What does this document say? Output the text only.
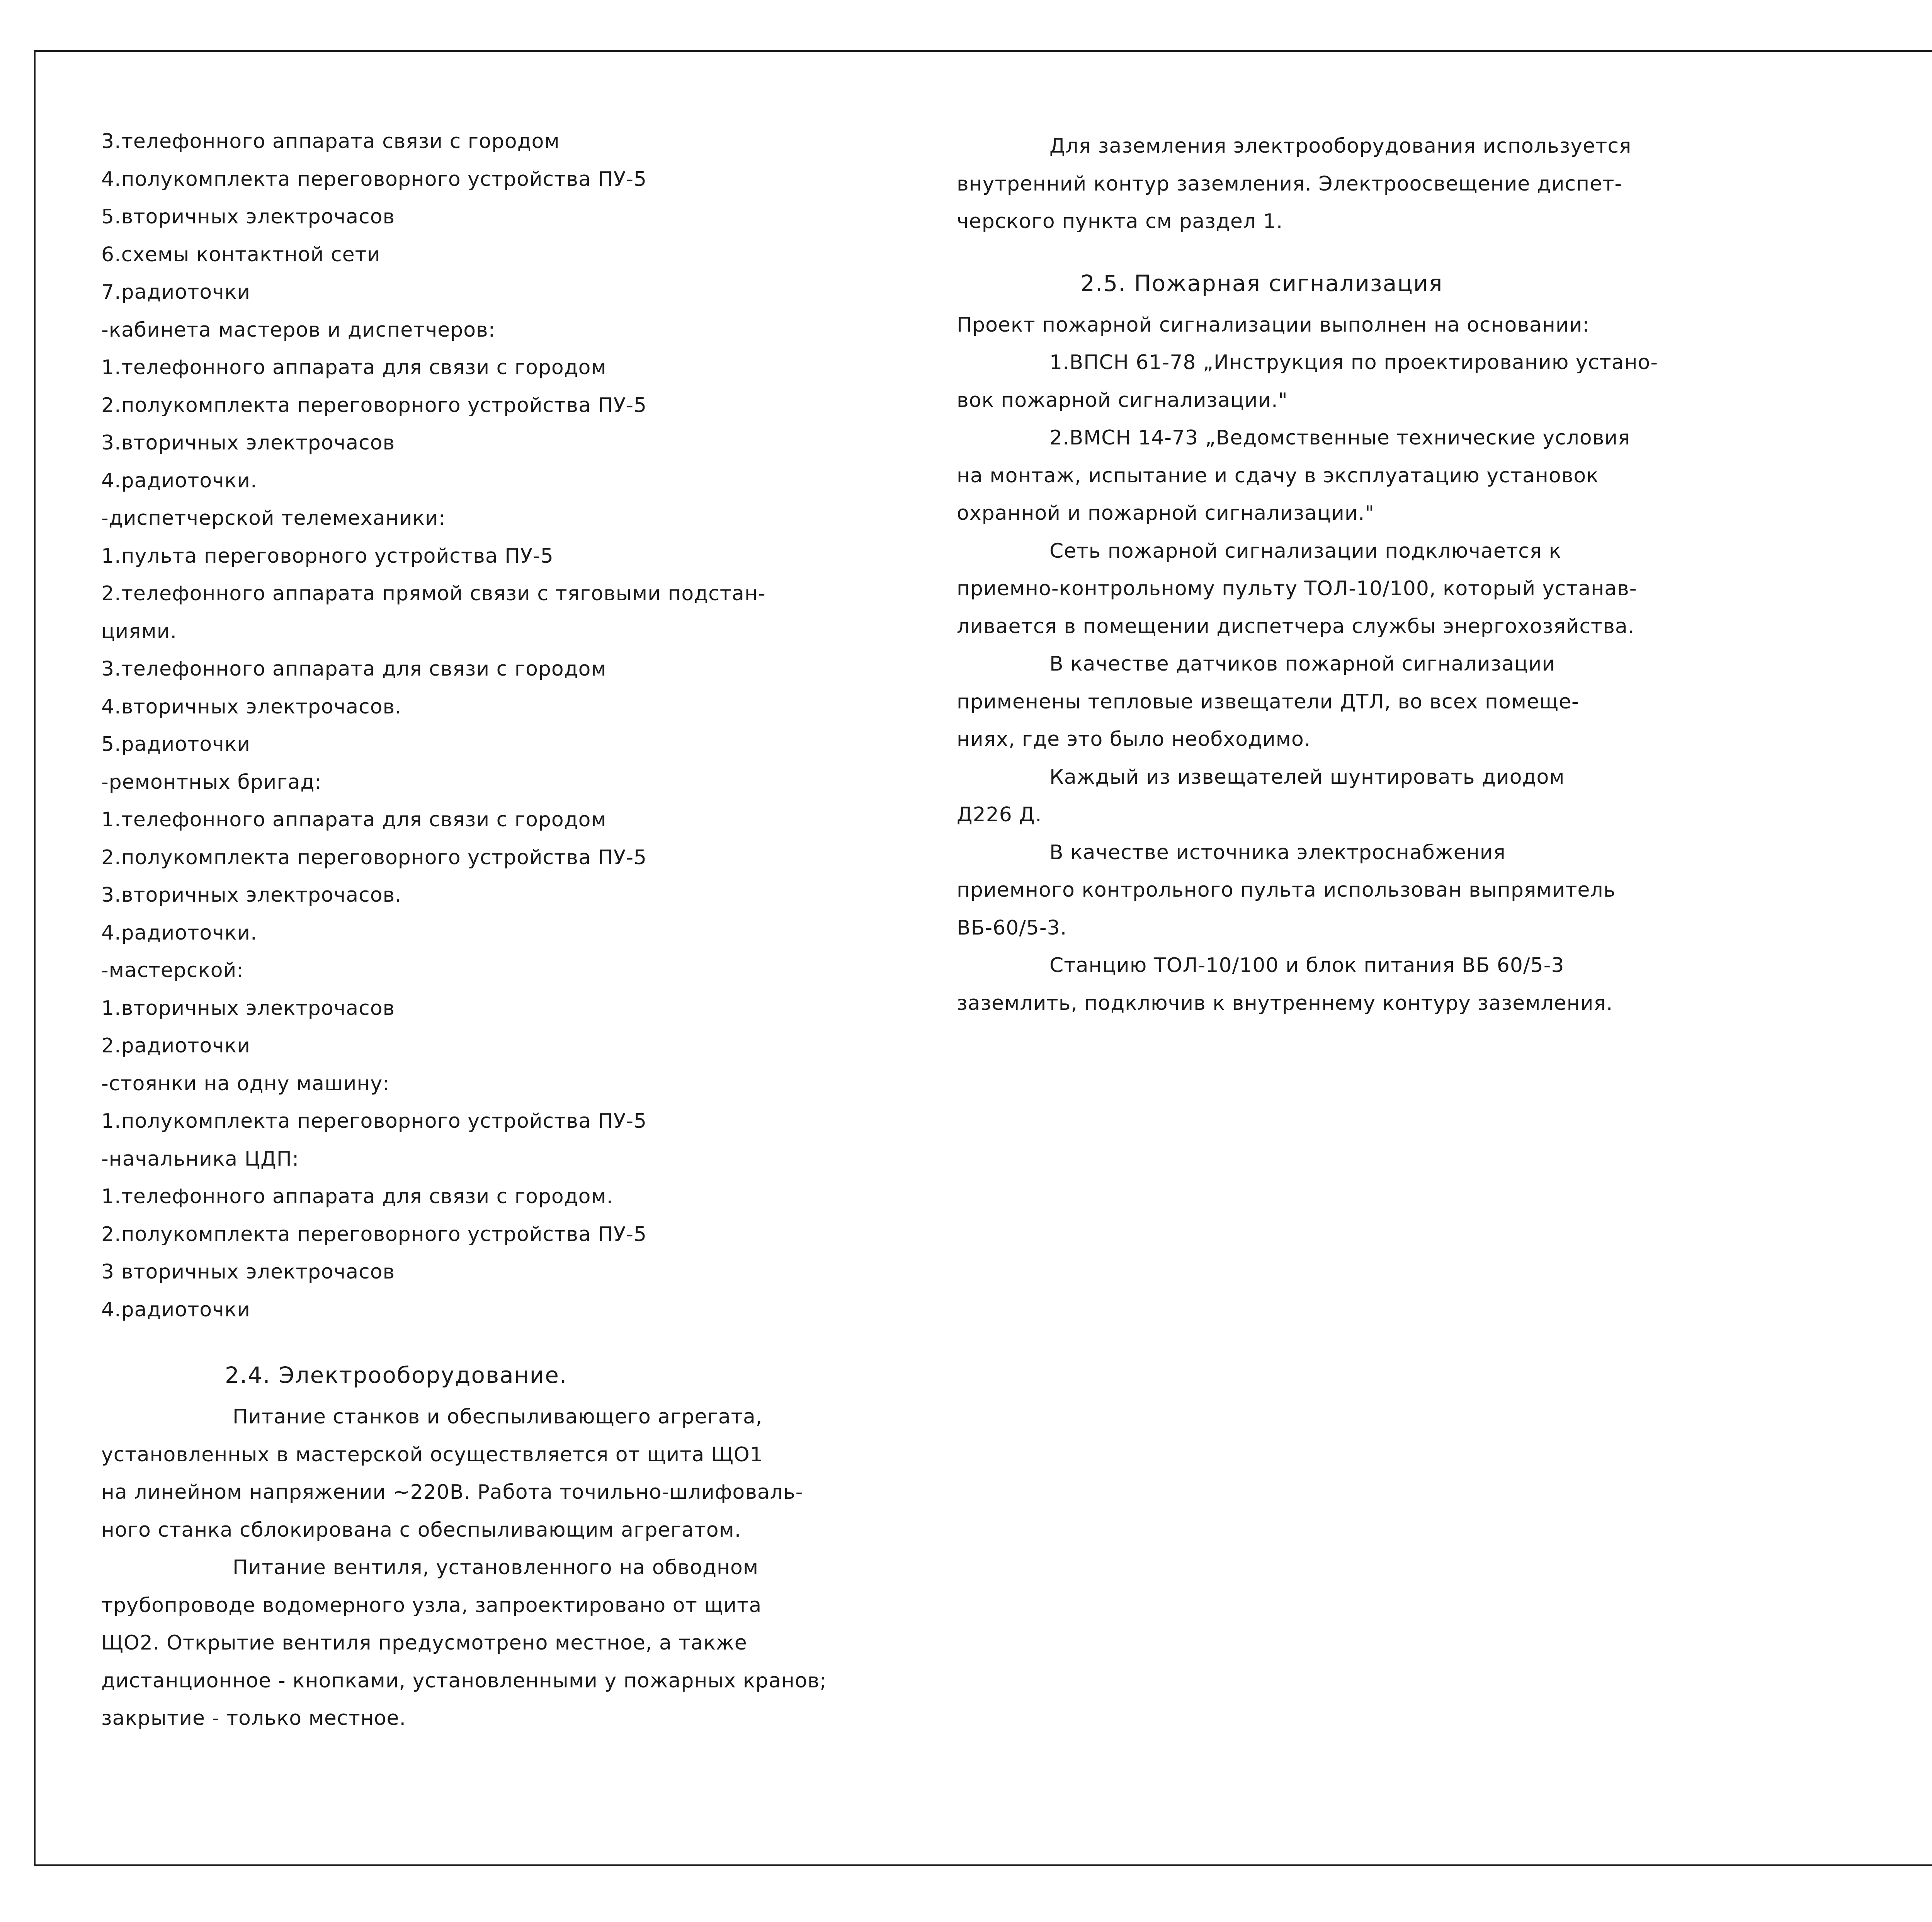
3.телефонного аппарата связи с городом
4.полукомплекта переговорного устройства ПУ-5
5.вторичных электрочасов
6.схемы контактной сети
7.радиоточки
-кабинета мастеров и диспетчеров:
1.телефонного аппарата для связи с городом
2.полукомплекта переговорного устройства ПУ-5
3.вторичных электрочасов
4.радиоточки.
-диспетчерской телемеханики:
1.пульта переговорного устройства ПУ-5
2.телефонного аппарата прямой связи с тяговыми подстан-
циями.
3.телефонного аппарата для связи с городом
4.вторичных электрочасов.
5.радиоточки
-ремонтных бригад:
1.телефонного аппарата для связи с городом
2.полукомплекта переговорного устройства ПУ-5
3.вторичных электрочасов.
4.радиоточки.
-мастерской:
1.вторичных электрочасов
2.радиоточки
-стоянки на одну машину:
1.полукомплекта переговорного устройства ПУ-5
-начальника ЦДП:
1.телефонного аппарата для связи с городом.
2.полукомплекта переговорного устройства ПУ-5
3 вторичных электрочасов
4.радиоточки
2.4. Электрооборудование.
Питание станков и обеспыливающего агрегата,
установленных в мастерской осуществляется от щита ЩО1
на линейном напряжении ~220В. Работа точильно-шлифоваль-
ного станка сблокирована с обеспыливающим агрегатом.
Питание вентиля, установленного на обводном
трубопроводе водомерного узла, запроектировано от щита
ЩО2. Открытие вентиля предусмотрено местное, а также
дистанционное - кнопками, установленными у пожарных кранов;
закрытие - только местное.
Для заземления электрооборудования используется
внутренний контур заземления. Электроосвещение диспет-
черского пункта см раздел 1.
2.5. Пожарная сигнализация
Проект пожарной сигнализации выполнен на основании:
1.ВПСН 61-78 „Инструкция по проектированию устано-
вок пожарной сигнализации."
2.ВМСН 14-73 „Ведомственные технические условия
на монтаж, испытание и сдачу в эксплуатацию установок
охранной и пожарной сигнализации."
Сеть пожарной сигнализации подключается к
приемно-контрольному пульту ТОЛ-10/100, который устанав-
ливается в помещении диспетчера службы энергохозяйства.
В качестве датчиков пожарной сигнализации
применены тепловые извещатели ДТЛ, во всех помеще-
ниях, где это было необходимо.
Каждый из извещателей шунтировать диодом
Д226 Д.
В качестве источника электроснабжения
приемного контрольного пульта использован выпрямитель
ВБ-60/5-3.
Станцию ТОЛ-10/100 и блок питания ВБ 60/5-3
заземлить, подключив к внутреннему контуру заземления.
